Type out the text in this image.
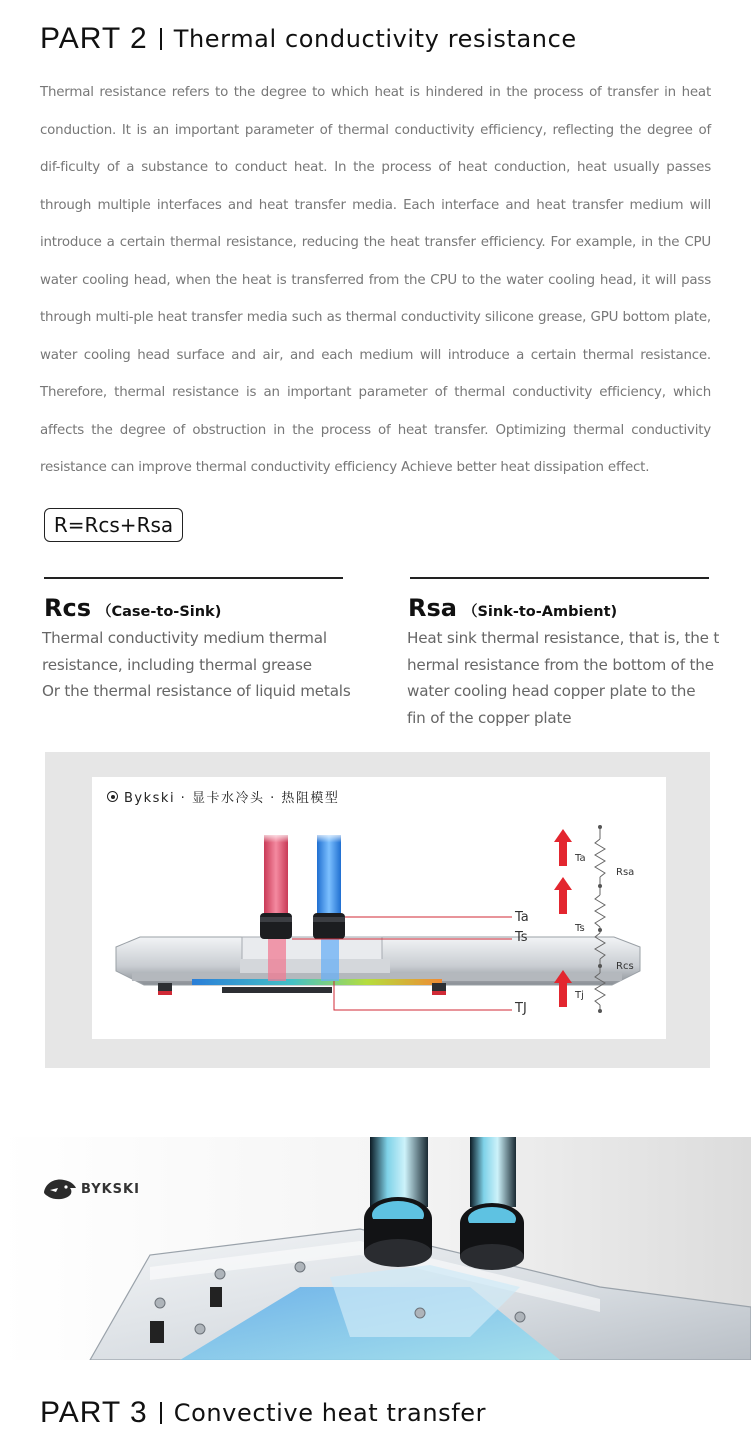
PART 2 Thermal conductivity resistance

Thermal resistance refers to the degree to which heat is hindered in the process of transfer in heat conduction. It is an important parameter of thermal conductivity efficiency, reflecting the degree of dif-ficulty of a substance to conduct heat. In the process of heat conduction, heat usually passes through multiple interfaces and heat transfer media. Each interface and heat transfer medium will introduce a certain thermal resistance, reducing the heat transfer efficiency. For example, in the CPU water cooling head, when the heat is transferred from the CPU to the water cooling head, it will pass through multi-ple heat transfer media such as thermal conductivity silicone grease, GPU bottom plate, water cooling head surface and air, and each medium will introduce a certain thermal resistance. Therefore, thermal resistance is an important parameter of thermal conductivity efficiency, which affects the degree of obstruction in the process of heat transfer. Optimizing thermal conductivity resistance can improve thermal conductivity efficiency Achieve better heat dissipation effect.

R=Rcs+Rsa
Rcs （Case-to-Sink)
Thermal conductivity medium thermal
resistance, including thermal grease
Or the thermal resistance of liquid metals
Rsa （Sink-to-Ambient)
Heat sink thermal resistance, that is, the t
hermal resistance from the bottom of the
water cooling head copper plate to the
fin of the copper plate
Bykski · 显卡水冷头 · 热阻模型
Ta
Ts
TJ
Ta
Ts
Tj
Rsa
Rcs
BYKSKI
PART 3 Convective heat transfer
